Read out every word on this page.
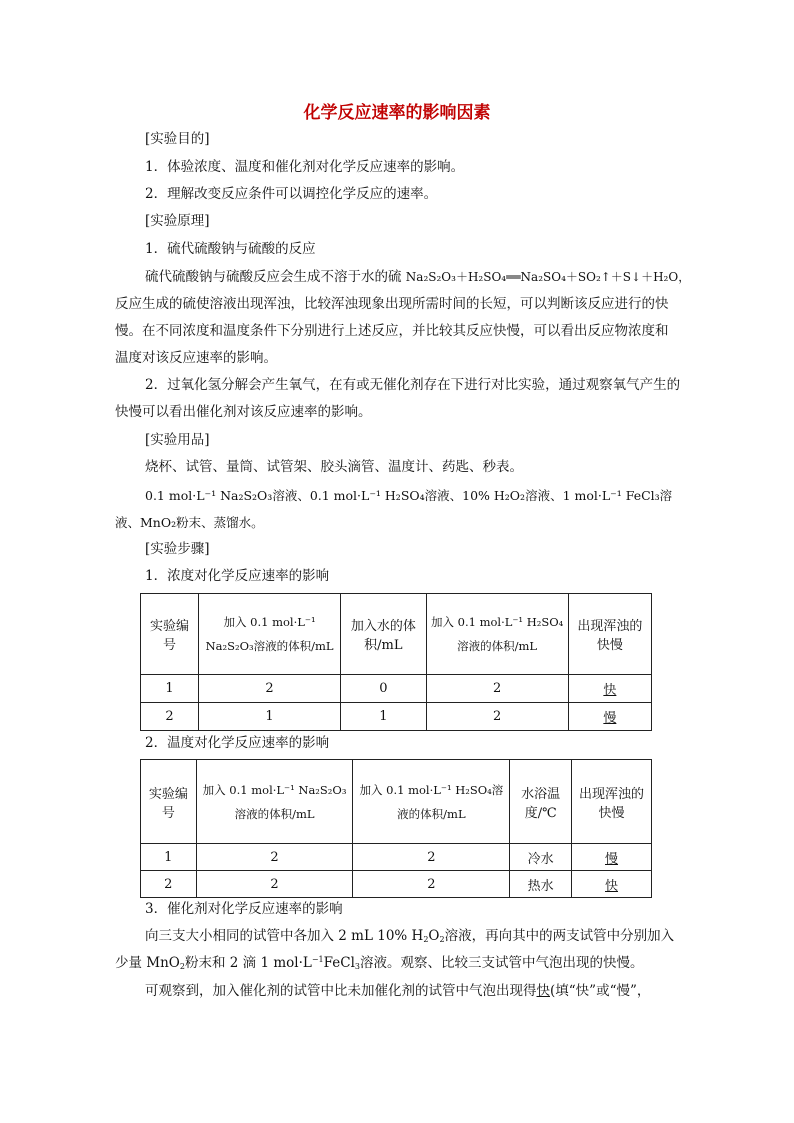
化学反应速率的影响因素
[实验目的]
1．体验浓度、温度和催化剂对化学反应速率的影响。
2．理解改变反应条件可以调控化学反应的速率。
[实验原理]
1．硫代硫酸钠与硫酸的反应
硫代硫酸钠与硫酸反应会生成不溶于水的硫 Na₂S₂O₃＋H₂SO₄══Na₂SO₄＋SO₂↑＋S↓＋H₂O，
反应生成的硫使溶液出现浑浊，比较浑浊现象出现所需时间的长短，可以判断该反应进行的快慢。在不同浓度和温度条件下分别进行上述反应，并比较其反应快慢，可以看出反应物浓度和温度对该反应速率的影响。
2．过氧化氢分解会产生氧气，在有或无催化剂存在下进行对比实验，通过观察氧气产生的快慢可以看出催化剂对该反应速率的影响。
[实验用品]
烧杯、试管、量筒、试管架、胶头滴管、温度计、药匙、秒表。
0.1 mol·L⁻¹ Na₂S₂O₃溶液、0.1 mol·L⁻¹ H₂SO₄溶液、10% H₂O₂溶液、1 mol·L⁻¹ FeCl₃溶液、MnO₂粉末、蒸馏水。
[实验步骤]
1．浓度对化学反应速率的影响
实验编号	加入 0.1 mol·L⁻¹ Na₂S₂O₃溶液的体积/mL	加入水的体积/mL	加入 0.1 mol·L⁻¹ H₂SO₄溶液的体积/mL	出现浑浊的快慢
1	2	0	2	快
2	1	1	2	慢
2．温度对化学反应速率的影响
实验编号	加入 0.1 mol·L⁻¹ Na₂S₂O₃溶液的体积/mL	加入 0.1 mol·L⁻¹ H₂SO₄溶液的体积/mL	水浴温度/℃	出现浑浊的快慢
1	2	2	冷水	慢
2	2	2	热水	快
3．催化剂对化学反应速率的影响
向三支大小相同的试管中各加入 2 mL 10% $H_2O_2$溶液，再向其中的两支试管中分别加入少量 MnO$_2$粉末和 2 滴 1 $mol\cdot L^{-1}FeCl_3$溶液。观察、比较三支试管中气泡出现的快慢。
可观察到，加入催化剂的试管中比未加催化剂的试管中气泡出现得快(填“快”或“慢”，
